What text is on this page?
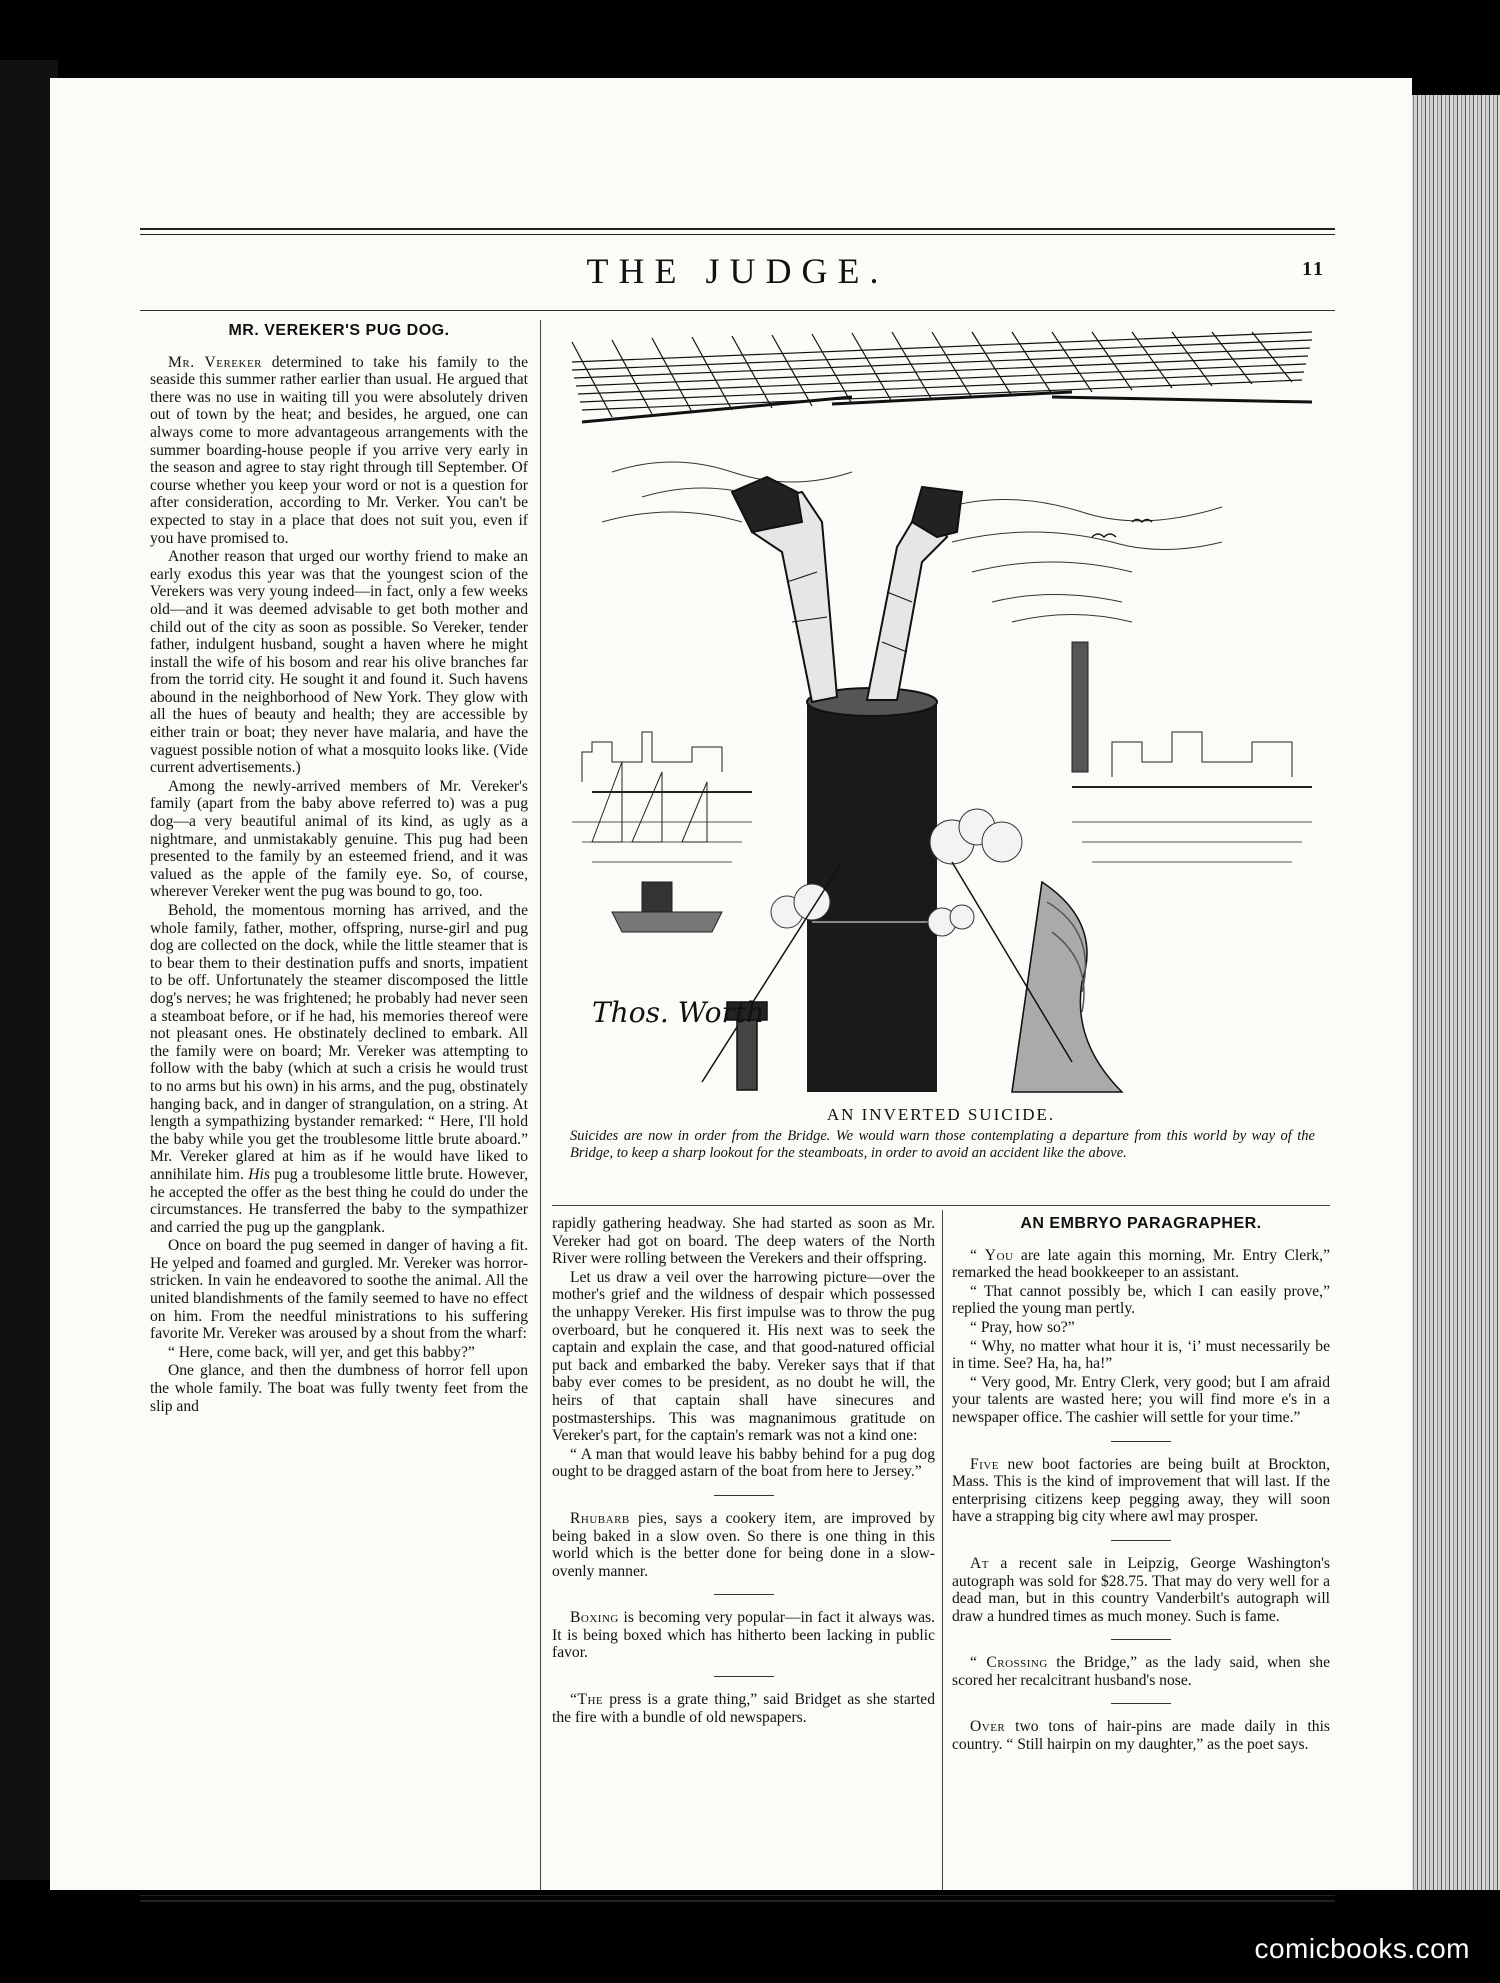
THE JUDGE.	11
MR. VEREKER'S PUG DOG.

Mr. Vereker determined to take his family to the seaside this summer rather earlier than usual. He argued that there was no use in waiting till you were absolutely driven out of town by the heat; and besides, he argued, one can always come to more advantageous arrangements with the summer boarding-house people if you arrive very early in the season and agree to stay right through till September. Of course whether you keep your word or not is a question for after consideration, according to Mr. Verker. You can't be expected to stay in a place that does not suit you, even if you have promised to.

Another reason that urged our worthy friend to make an early exodus this year was that the youngest scion of the Verekers was very young indeed—in fact, only a few weeks old—and it was deemed advisable to get both mother and child out of the city as soon as possible. So Vereker, tender father, indulgent husband, sought a haven where he might install the wife of his bosom and rear his olive branches far from the torrid city. He sought it and found it. Such havens abound in the neighborhood of New York. They glow with all the hues of beauty and health; they are accessible by either train or boat; they never have malaria, and have the vaguest possible notion of what a mosquito looks like. (Vide current advertisements.)

Among the newly-arrived members of Mr. Vereker's family (apart from the baby above referred to) was a pug dog—a very beautiful animal of its kind, as ugly as a nightmare, and unmistakably genuine. This pug had been presented to the family by an esteemed friend, and it was valued as the apple of the family eye. So, of course, wherever Vereker went the pug was bound to go, too.

Behold, the momentous morning has arrived, and the whole family, father, mother, offspring, nurse-girl and pug dog are collected on the dock, while the little steamer that is to bear them to their destination puffs and snorts, impatient to be off. Unfortunately the steamer discomposed the little dog's nerves; he was frightened; he probably had never seen a steamboat before, or if he had, his memories thereof were not pleasant ones. He obstinately declined to embark. All the family were on board; Mr. Vereker was attempting to follow with the baby (which at such a crisis he would trust to no arms but his own) in his arms, and the pug, obstinately hanging back, and in danger of strangulation, on a string. At length a sympathizing bystander remarked: “ Here, I'll hold the baby while you get the troublesome little brute aboard.” Mr. Vereker glared at him as if he would have liked to annihilate him. His pug a troublesome little brute. However, he accepted the offer as the best thing he could do under the circumstances. He transferred the baby to the sympathizer and carried the pug up the gangplank.

Once on board the pug seemed in danger of having a fit. He yelped and foamed and gurgled. Mr. Vereker was horror-stricken. In vain he endeavored to soothe the animal. All the united blandishments of the family seemed to have no effect on him. From the needful ministrations to his suffering favorite Mr. Vereker was aroused by a shout from the wharf:

“ Here, come back, will yer, and get this babby?”

One glance, and then the dumbness of horror fell upon the whole family. The boat was fully twenty feet from the slip and

Thos. Worth
AN INVERTED SUICIDE.
Suicides are now in order from the Bridge. We would warn those contemplating a departure from this world by way of the Bridge, to keep a sharp lookout for the steamboats, in order to avoid an accident like the above.

rapidly gathering headway. She had started as soon as Mr. Vereker had got on board. The deep waters of the North River were rolling between the Verekers and their offspring.

Let us draw a veil over the harrowing picture—over the mother's grief and the wildness of despair which possessed the unhappy Vereker. His first impulse was to throw the pug overboard, but he conquered it. His next was to seek the captain and explain the case, and that good-natured official put back and embarked the baby. Vereker says that if that baby ever comes to be president, as no doubt he will, the heirs of that captain shall have sinecures and postmasterships. This was magnanimous gratitude on Vereker's part, for the captain's remark was not a kind one:

“ A man that would leave his babby behind for a pug dog ought to be dragged astarn of the boat from here to Jersey.”

Rhubarb pies, says a cookery item, are improved by being baked in a slow oven. So there is one thing in this world which is the better done for being done in a slow-ovenly manner.

Boxing is becoming very popular—in fact it always was. It is being boxed which has hitherto been lacking in public favor.

“The press is a grate thing,” said Bridget as she started the fire with a bundle of old newspapers.

AN EMBRYO PARAGRAPHER.

“ You are late again this morning, Mr. Entry Clerk,” remarked the head bookkeeper to an assistant.

“ That cannot possibly be, which I can easily prove,” replied the young man pertly.

“ Pray, how so?”

“ Why, no matter what hour it is, ‘i’ must necessarily be in time. See? Ha, ha, ha!”

“ Very good, Mr. Entry Clerk, very good; but I am afraid your talents are wasted here; you will find more e's in a newspaper office. The cashier will settle for your time.”

Five new boot factories are being built at Brockton, Mass. This is the kind of improvement that will last. If the enterprising citizens keep pegging away, they will soon have a strapping big city where awl may prosper.

At a recent sale in Leipzig, George Washington's autograph was sold for $28.75. That may do very well for a dead man, but in this country Vanderbilt's autograph will draw a hundred times as much money. Such is fame.

“ Crossing the Bridge,” as the lady said, when she scored her recalcitrant husband's nose.

Over two tons of hair-pins are made daily in this country. “ Still hairpin on my daughter,” as the poet says.

comicbooks.com
